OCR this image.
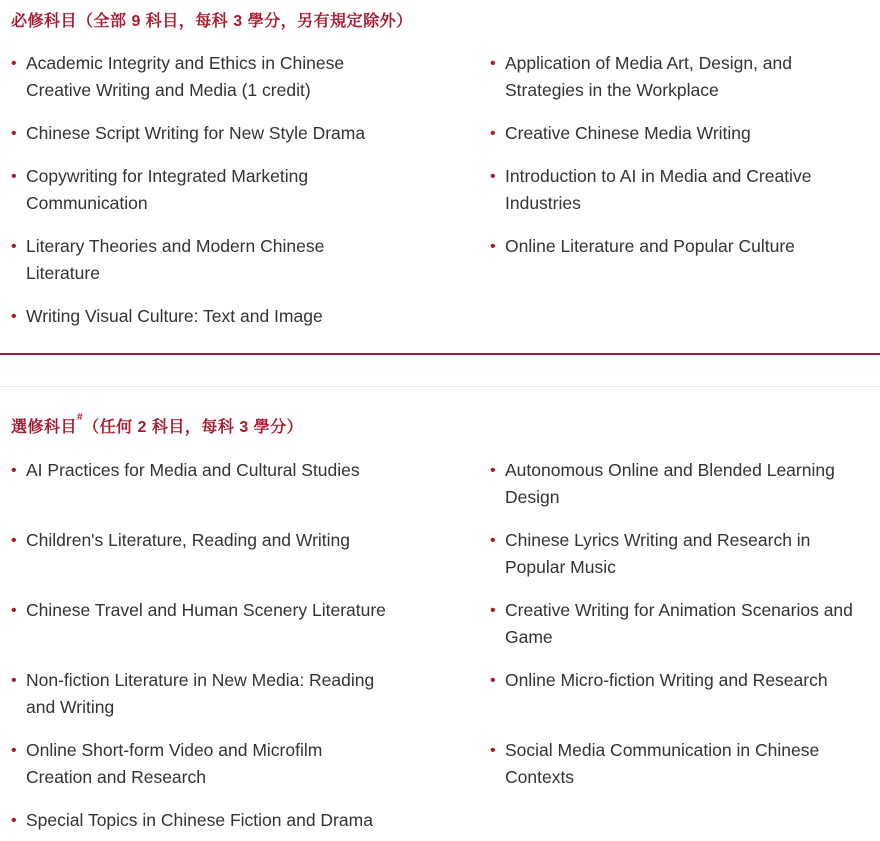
必修科目（全部 9 科目，每科 3 學分，另有規定除外）
• Academic Integrity and Ethics in Chinese Creative Writing and Media (1 credit)
• Application of Media Art, Design, and Strategies in the Workplace
• Chinese Script Writing for New Style Drama	• Creative Chinese Media Writing
• Copywriting for Integrated Marketing Communication
• Introduction to AI in Media and Creative Industries
• Literary Theories and Modern Chinese Literature
• Online Literature and Popular Culture
• Writing Visual Culture: Text and Image
選修科目#（任何 2 科目，每科 3 學分）
• AI Practices for Media and Cultural Studies	• Autonomous Online and Blended Learning Design
• Children's Literature, Reading and Writing	• Chinese Lyrics Writing and Research in Popular Music
• Chinese Travel and Human Scenery Literature	• Creative Writing for Animation Scenarios and Game
• Non-fiction Literature in New Media: Reading and Writing
• Online Micro-fiction Writing and Research
• Online Short-form Video and Microfilm Creation and Research
• Social Media Communication in Chinese Contexts
• Special Topics in Chinese Fiction and Drama
